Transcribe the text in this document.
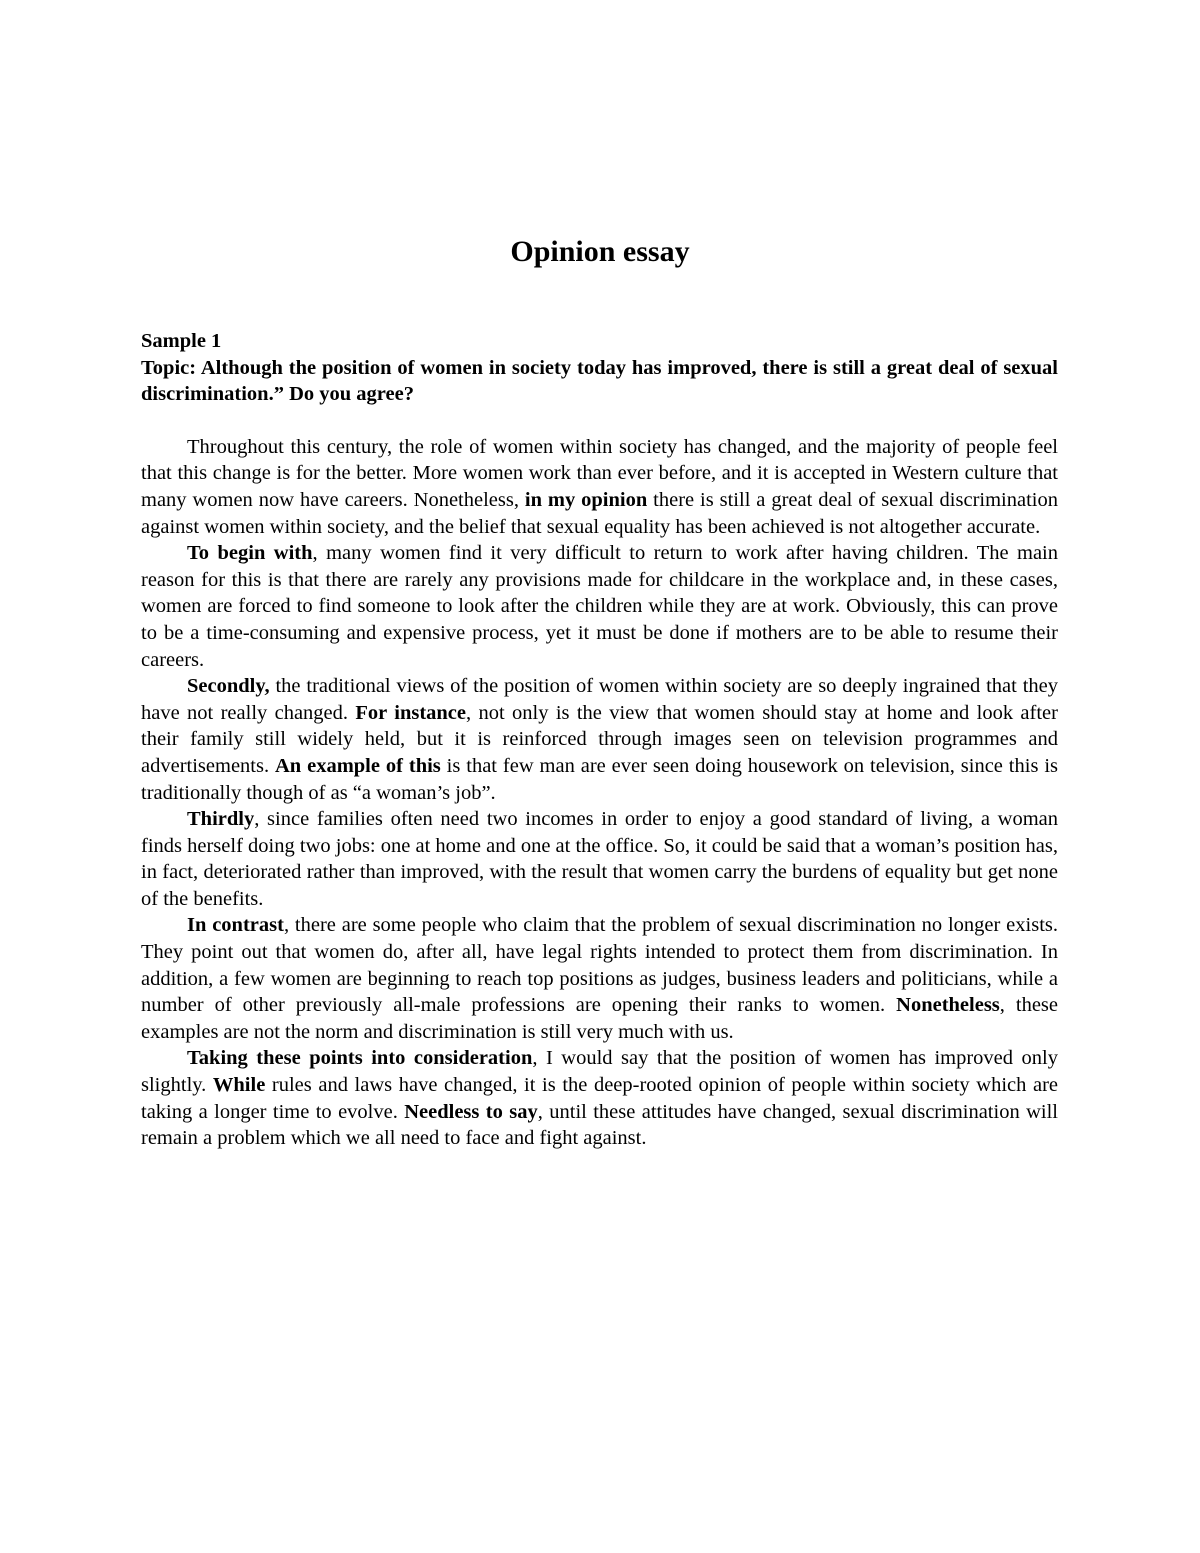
Opinion essay

Sample 1

Topic: Although the position of women in society today has improved, there is still a great deal of sexual discrimination.” Do you agree?

Throughout this century, the role of women within society has changed, and the majority of people feel that this change is for the better. More women work than ever before, and it is accepted in Western culture that many women now have careers. Nonetheless, in my opinion there is still a great deal of sexual discrimination against women within society, and the belief that sexual equality has been achieved is not altogether accurate.

To begin with, many women find it very difficult to return to work after having children. The main reason for this is that there are rarely any provisions made for childcare in the workplace and, in these cases, women are forced to find someone to look after the children while they are at work. Obviously, this can prove to be a time-consuming and expensive process, yet it must be done if mothers are to be able to resume their careers.

Secondly, the traditional views of the position of women within society are so deeply ingrained that they have not really changed. For instance, not only is the view that women should stay at home and look after their family still widely held, but it is reinforced through images seen on television programmes and advertisements. An example of this is that few man are ever seen doing housework on television, since this is traditionally though of as “a woman’s job”.

Thirdly, since families often need two incomes in order to enjoy a good standard of living, a woman finds herself doing two jobs: one at home and one at the office. So, it could be said that a woman’s position has, in fact, deteriorated rather than improved, with the result that women carry the burdens of equality but get none of the benefits.

In contrast, there are some people who claim that the problem of sexual discrimination no longer exists. They point out that women do, after all, have legal rights intended to protect them from discrimination. In addition, a few women are beginning to reach top positions as judges, business leaders and politicians, while a number of other previously all-male professions are opening their ranks to women. Nonetheless, these examples are not the norm and discrimination is still very much with us.

Taking these points into consideration, I would say that the position of women has improved only slightly. While rules and laws have changed, it is the deep-rooted opinion of people within society which are taking a longer time to evolve. Needless to say, until these attitudes have changed, sexual discrimination will remain a problem which we all need to face and fight against.
